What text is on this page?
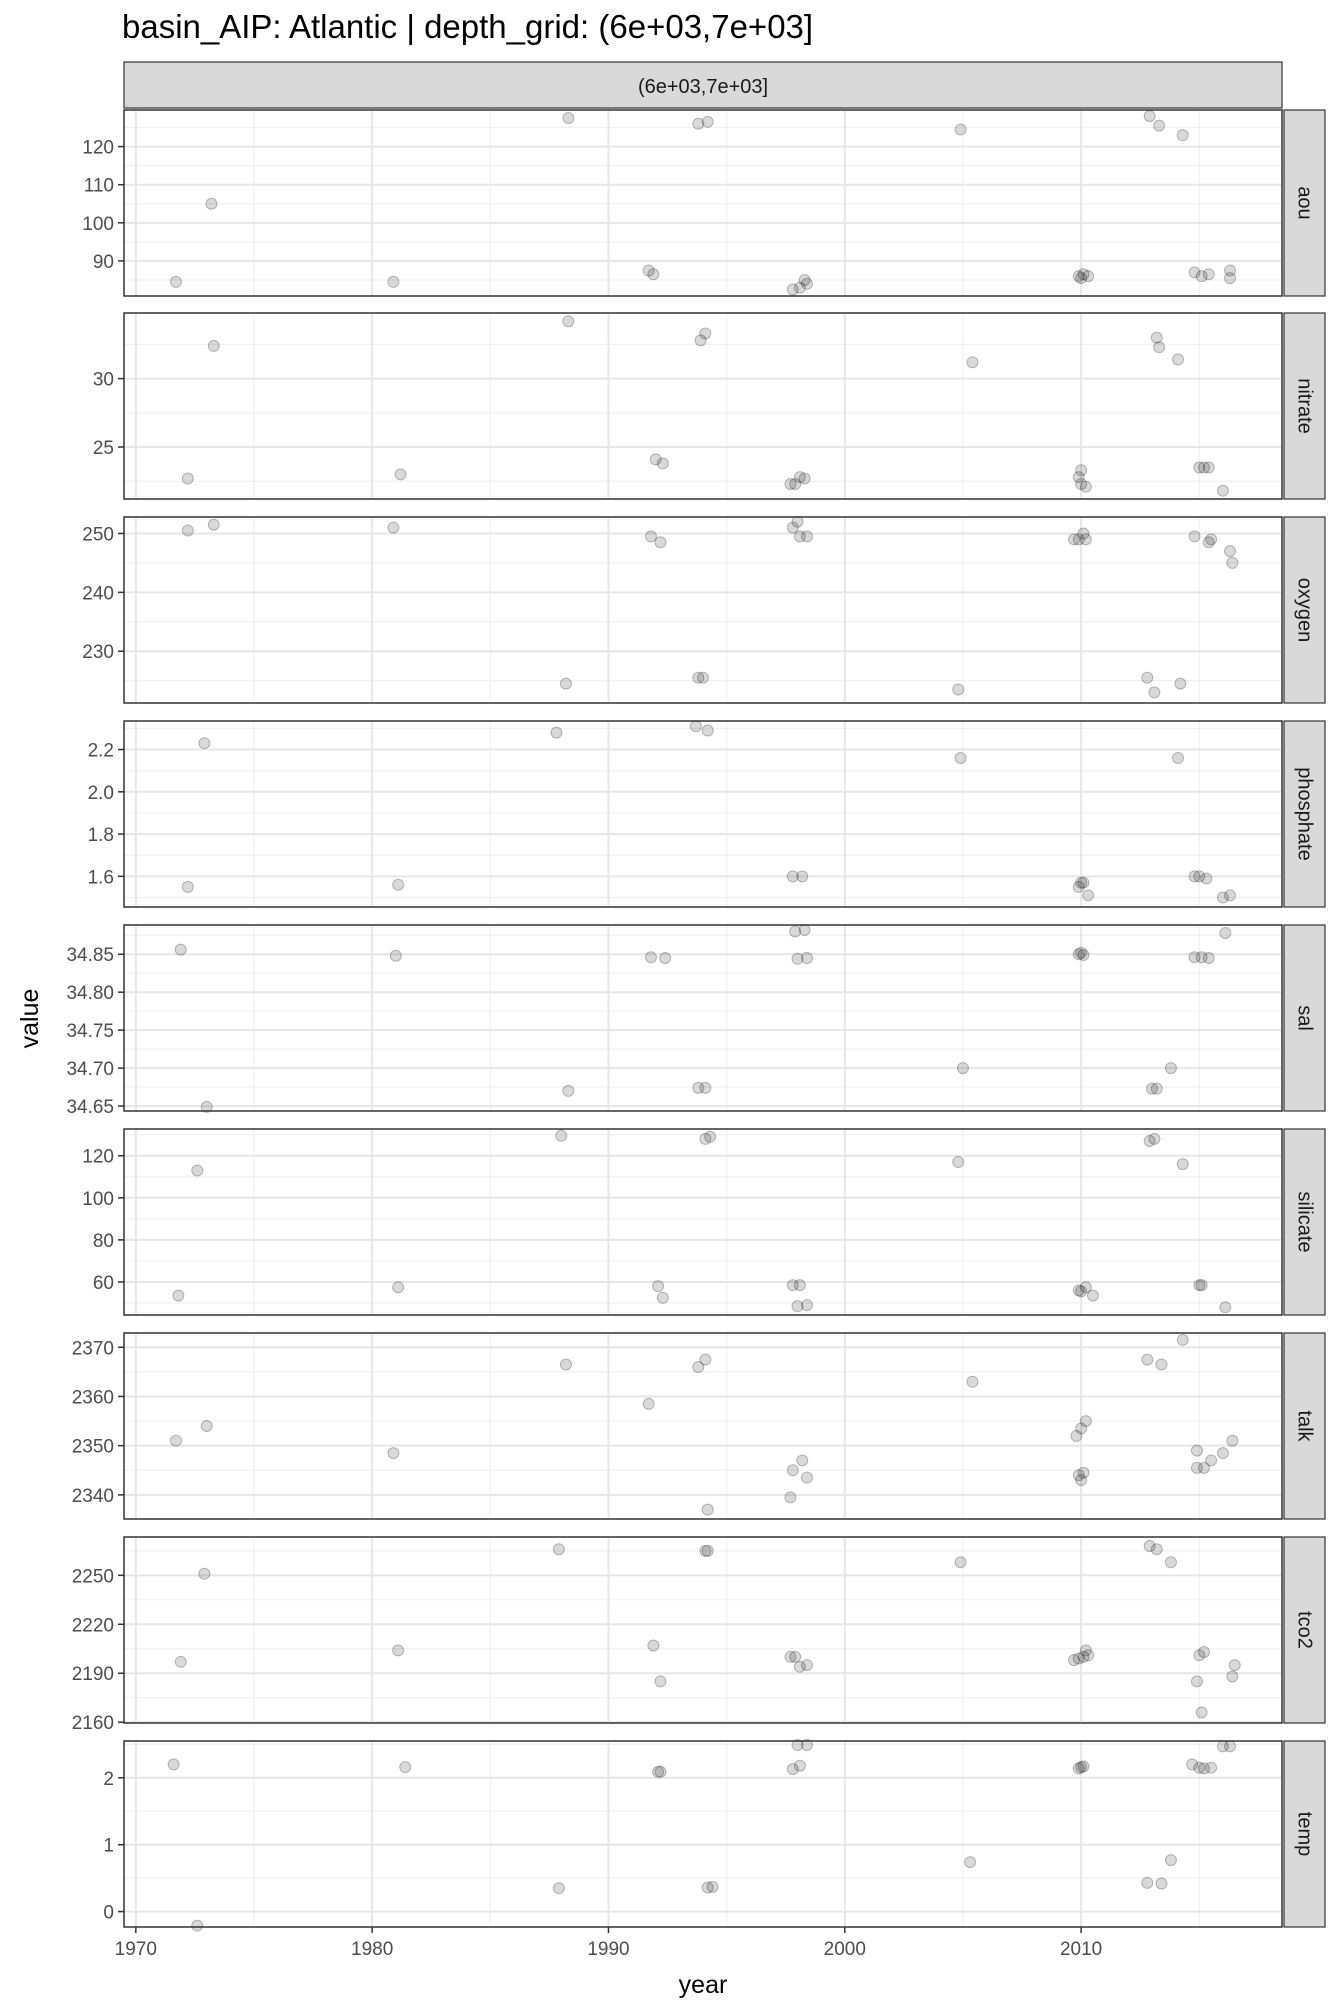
basin_AIP: Atlantic | depth_grid: (6e+03,7e+03]
(6e+03,7e+03]
90
100
110
120
aou
25
30	nitrate
230
240
250
oxygen
1.6
1.8
2.0
2.2
phosphate
34.65
34.70
34.75
34.80
34.85
sal
60
80
100
120
silicate
2340
2350
2360
2370
talk
2160
2190
2220
2250
tco2
0
1
2
temp
1970	1980	1990	2000	2010
year
value
